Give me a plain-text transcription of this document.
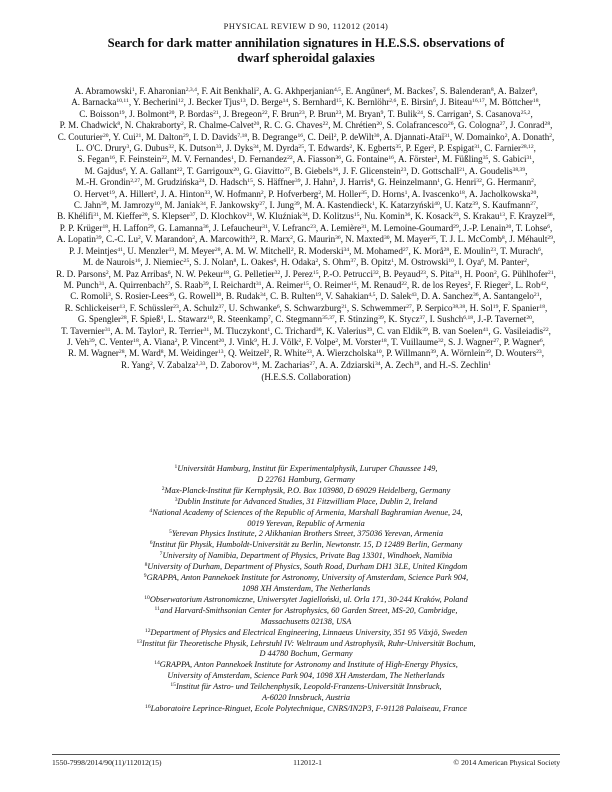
PHYSICAL REVIEW D 90, 112012 (2014)
Search for dark matter annihilation signatures in H.E.S.S. observations of
dwarf spheroidal galaxies
A. Abramowski$^1$, F. Aharonian$^{2,3,4}$, F. Ait Benkhali$^2$, A. G. Akhperjanian$^{4,5}$, E. Angüner$^6$, M. Backes$^7$, S. Balenderan$^8$, A. Balzer$^9$, A. Barnacka$^{10,11}$, Y. Becherini$^{12}$, J. Becker Tjus$^{13}$, D. Berge$^{14}$, S. Bernhard$^{15}$, K. Bernlöhr$^{2,6}$, E. Birsin$^6$, J. Biteau$^{16,17}$, M. Böttcher$^{18}$, C. Boisson$^{19}$, J. Bolmont$^{20}$, P. Bordas$^{21}$, J. Bregeon$^{22}$, F. Brun$^{23}$, P. Brun$^{23}$, M. Bryan$^9$, T. Bulik$^{24}$, S. Carrigan$^2$, S. Casanova$^{25,2}$, P. M. Chadwick$^8$, N. Chakraborty$^2$, R. Chalme-Calvet$^{20}$, R. C. G. Chaves$^{22}$, M. Chrétien$^{20}$, S. Colafrancesco$^{26}$, G. Cologna$^{27}$, J. Conrad$^{28}$, C. Couturier$^{20}$, Y. Cui$^{21}$, M. Dalton$^{29}$, I. D. Davids$^{7,18}$, B. Degrange$^{16}$, C. Deil$^2$, P. deWilt$^{30}$, A. Djannati-Ataï$^{31}$, W. Domainko$^2$, A. Donath$^2$, L. O'C. Drury$^3$, G. Dubus$^{32}$, K. Dutson$^{33}$, J. Dyks$^{34}$, M. Dyrda$^{25}$, T. Edwards$^2$, K. Egberts$^{35}$, P. Eger$^2$, P. Espigat$^{31}$, C. Farnier$^{28,12}$, S. Fegan$^{16}$, F. Feinstein$^{22}$, M. V. Fernandes$^1$, D. Fernandez$^{22}$, A. Fiasson$^{36}$, G. Fontaine$^{16}$, A. Förster$^2$, M. Füßling$^{35}$, S. Gabici$^{31}$, M. Gajdus$^6$, Y. A. Gallant$^{22}$, T. Garrigoux$^{20}$, G. Giavitto$^{37}$, B. Giebels$^{16}$, J. F. Glicenstein$^{23}$, D. Gottschall$^{21}$, A. Goudelis$^{38,39}$, M.-H. Grondin$^{2,27}$, M. Grudzińska$^{24}$, D. Hadsch$^{15}$, S. Häffner$^{39}$, J. Hahn$^2$, J. Harris$^8$, G. Heinzelmann$^1$, G. Henri$^{32}$, G. Hermann$^2$, O. Hervet$^{19}$, A. Hillert$^2$, J. A. Hinton$^{33}$, W. Hofmann$^2$, P. Hofverberg$^2$, M. Holler$^{35}$, D. Horns$^1$, A. Ivascenko$^{18}$, A. Jacholkowska$^{20}$, C. Jahn$^{39}$, M. Jamrozy$^{10}$, M. Janiak$^{34}$, F. Jankowsky$^{27}$, I. Jung$^{39}$, M. A. Kastendieck$^1$, K. Katarzyński$^{40}$, U. Katz$^{39}$, S. Kaufmann$^{27}$, B. Khélifi$^{31}$, M. Kieffer$^{20}$, S. Klepser$^{37}$, D. Klochkov$^{21}$, W. Kluźniak$^{34}$, D. Kolitzus$^{15}$, Nu. Komin$^{36}$, K. Kosack$^{23}$, S. Krakau$^{13}$, F. Krayzel$^{36}$, P. P. Krüger$^{18}$, H. Laffon$^{29}$, G. Lamanna$^{36}$, J. Lefaucheur$^{31}$, V. Lefranc$^{23}$, A. Lemière$^{31}$, M. Lemoine-Goumard$^{29}$, J.-P. Lenain$^{20}$, T. Lohse$^6$, A. Lopatin$^{39}$, C.-C. Lu$^2$, V. Marandon$^2$, A. Marcowith$^{22}$, R. Marx$^2$, G. Maurin$^{36}$, N. Maxted$^{30}$, M. Mayer$^{35}$, T. J. L. McComb$^8$, J. Méhault$^{29}$, P. J. Meintjes$^{41}$, U. Menzler$^{13}$, M. Meyer$^{28}$, A. M. W. Mitchell$^2$, R. Moderski$^{34}$, M. Mohamed$^{27}$, K. Morå$^{28}$, E. Moulin$^{23}$, T. Murach$^6$, M. de Naurois$^{16}$, J. Niemiec$^{25}$, S. J. Nolan$^8$, L. Oakes$^6$, H. Odaka$^2$, S. Ohm$^{37}$, B. Opitz$^1$, M. Ostrowski$^{10}$, I. Oya$^6$, M. Panter$^2$, R. D. Parsons$^2$, M. Paz Arribas$^6$, N. W. Pekeur$^{18}$, G. Pelletier$^{32}$, J. Perez$^{15}$, P.-O. Petrucci$^{32}$, B. Peyaud$^{23}$, S. Pita$^{31}$, H. Poon$^2$, G. Pühlhofer$^{21}$, M. Punch$^{31}$, A. Quirrenbach$^{27}$, S. Raab$^{39}$, I. Reichardt$^{31}$, A. Reimer$^{15}$, O. Reimer$^{15}$, M. Renaud$^{22}$, R. de los Reyes$^2$, F. Rieger$^2$, L. Rob$^{42}$, C. Romoli$^3$, S. Rosier-Lees$^{36}$, G. Rowell$^{30}$, B. Rudak$^{34}$, C. B. Rulten$^{19}$, V. Sahakian$^{4,5}$, D. Salek$^{43}$, D. A. Sanchez$^{36}$, A. Santangelo$^{21}$, R. Schlickeiser$^{13}$, F. Schüssler$^{23}$, A. Schulz$^{37}$, U. Schwanke$^6$, S. Schwarzburg$^{21}$, S. Schwemmer$^{27}$, P. Serpico$^{38,38}$, H. Sol$^{19}$, F. Spanier$^{18}$, G. Spengler$^{28}$, F. Spieß$^1$, L. Stawarz$^{10}$, R. Steenkamp$^7$, C. Stegmann$^{35,37}$, F. Stinzing$^{39}$, K. Stycz$^{37}$, I. Sushch$^{6,18}$, J.-P. Tavernet$^{20}$, T. Tavernier$^{31}$, A. M. Taylor$^3$, R. Terrier$^{31}$, M. Tluczykont$^1$, C. Trichard$^{36}$, K. Valerius$^{39}$, C. van Eldik$^{39}$, B. van Soelen$^{41}$, G. Vasileiadis$^{22}$, J. Veh$^{39}$, C. Venter$^{18}$, A. Viana$^2$, P. Vincent$^{20}$, J. Vink$^9$, H. J. Völk$^2$, F. Volpe$^2$, M. Vorster$^{18}$, T. Vuillaume$^{32}$, S. J. Wagner$^{27}$, P. Wagner$^6$, R. M. Wagner$^{28}$, M. Ward$^8$, M. Weidinger$^{13}$, Q. Weitzel$^2$, R. White$^{33}$, A. Wierzcholska$^{10}$, P. Willmann$^{39}$, A. Wörnlein$^{39}$, D. Wouters$^{23}$, R. Yang$^2$, V. Zabalza$^{2,33}$, D. Zaborov$^{16}$, M. Zacharias$^{27}$, A. A. Zdziarski$^{34}$, A. Zech$^{19}$, and H.-S. Zechlin$^1$
(H.E.S.S. Collaboration)
$^1$Universität Hamburg, Institut für Experimentalphysik, Luruper Chaussee 149,
D 22761 Hamburg, Germany
$^2$Max-Planck-Institut für Kernphysik, P.O. Box 103980, D 69029 Heidelberg, Germany
$^3$Dublin Institute for Advanced Studies, 31 Fitzwilliam Place, Dublin 2, Ireland
$^4$National Academy of Sciences of the Republic of Armenia, Marshall Baghramian Avenue, 24,
0019 Yerevan, Republic of Armenia
$^5$Yerevan Physics Institute, 2 Alikhanian Brothers Street, 375036 Yerevan, Armenia
$^6$Institut für Physik, Humboldt-Universität zu Berlin, Newtonstr. 15, D 12489 Berlin, Germany
$^7$University of Namibia, Department of Physics, Private Bag 13301, Windhoek, Namibia
$^8$University of Durham, Department of Physics, South Road, Durham DH1 3LE, United Kingdom
$^9$GRAPPA, Anton Pannekoek Institute for Astronomy, University of Amsterdam, Science Park 904,
1098 XH Amsterdam, The Netherlands
$^{10}$Obserwatorium Astronomiczne, Uniwersytet Jagielloński, ul. Orla 171, 30-244 Kraków, Poland
$^{11}$and Harvard-Smithsonian Center for Astrophysics, 60 Garden Street, MS-20, Cambridge,
Massachusetts 02138, USA
$^{12}$Department of Physics and Electrical Engineering, Linnaeus University, 351 95 Växjö, Sweden
$^{13}$Institut für Theoretische Physik, Lehrstuhl IV: Weltraum und Astrophysik, Ruhr-Universität Bochum,
D 44780 Bochum, Germany
$^{14}$GRAPPA, Anton Pannekoek Institute for Astronomy and Institute of High-Energy Physics,
University of Amsterdam, Science Park 904, 1098 XH Amsterdam, The Netherlands
$^{15}$Institut für Astro- und Teilchenphysik, Leopold-Franzens-Universität Innsbruck,
A-6020 Innsbruck, Austria
$^{16}$Laboratoire Leprince-Ringuet, Ecole Polytechnique, CNRS/IN2P3, F-91128 Palaiseau, France
1550-7998/2014/90(11)/112012(15)	112012-1	© 2014 American Physical Society
